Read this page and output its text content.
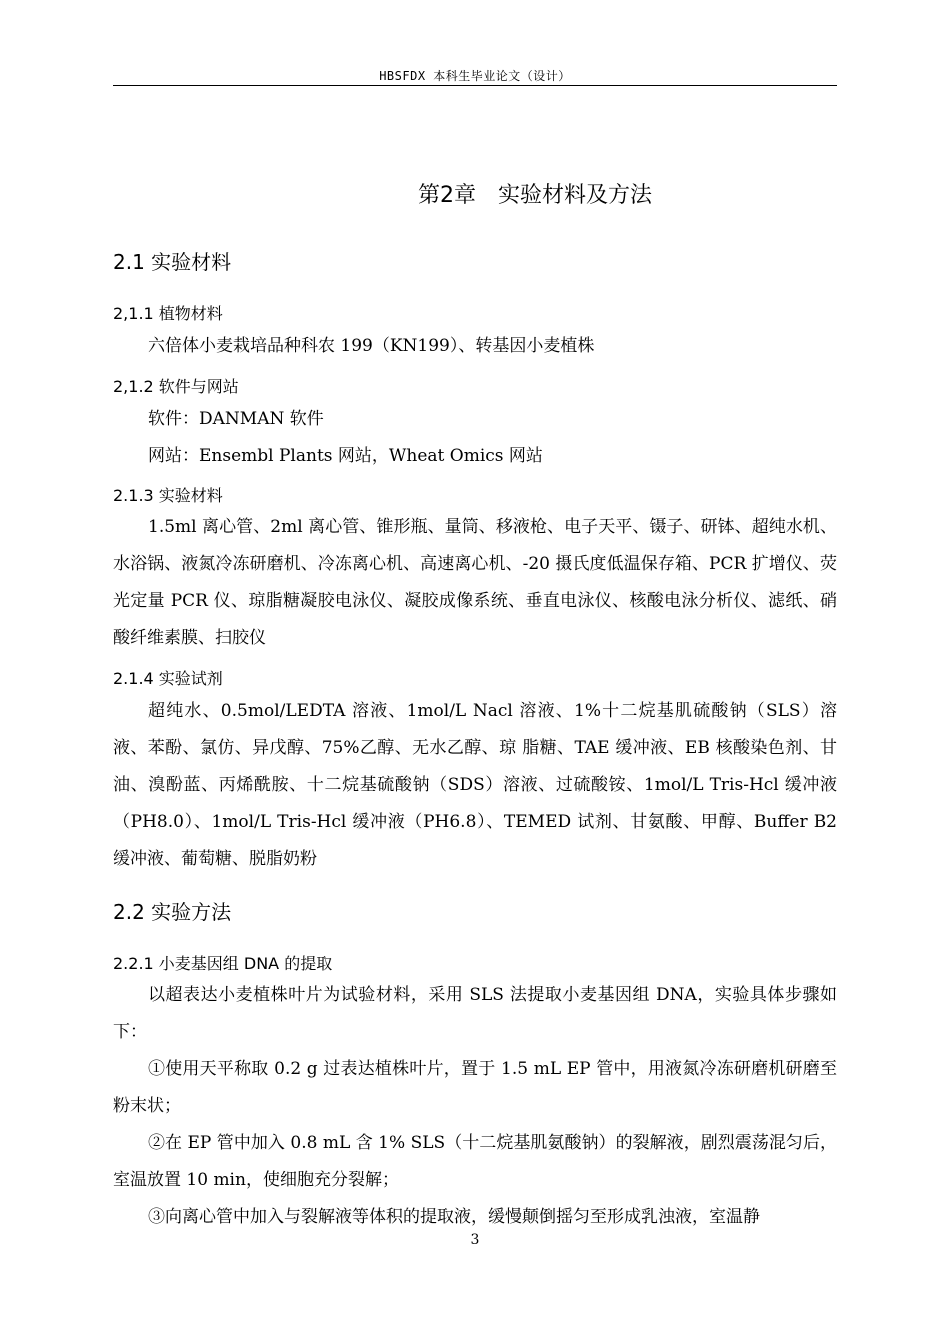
HBSFDX 本科生毕业论文（设计）
第2章　实验材料及方法
2.1 实验材料
2,1.1 植物材料
六倍体小麦栽培品种科农 199（KN199）、转基因小麦植株
2,1.2 软件与网站
软件：DANMAN 软件
网站：Ensembl Plants 网站，Wheat Omics 网站
2.1.3 实验材料
1.5ml 离心管、2ml 离心管、锥形瓶、量筒、移液枪、电子天平、镊子、研钵、超纯水机、水浴锅、液氮冷冻研磨机、冷冻离心机、高速离心机、-20 摄氏度低温保存箱、PCR 扩增仪、荧光定量 PCR 仪、琼脂糖凝胶电泳仪、凝胶成像系统、垂直电泳仪、核酸电泳分析仪、滤纸、硝酸纤维素膜、扫胶仪
2.1.4 实验试剂
超纯水、0.5mol/LEDTA 溶液、1mol/L Nacl 溶液、1%十二烷基肌硫酸钠（SLS）溶液、苯酚、氯仿、异戊醇、75%乙醇、无水乙醇、琼 脂糖、TAE 缓冲液、EB 核酸染色剂、甘油、溴酚蓝、丙烯酰胺、十二烷基硫酸钠（SDS）溶液、过硫酸铵、1mol/L Tris-Hcl 缓冲液（PH8.0）、1mol/L Tris-Hcl 缓冲液（PH6.8）、TEMED 试剂、甘氨酸、甲醇、Buffer B2 缓冲液、葡萄糖、脱脂奶粉
2.2 实验方法
2.2.1 小麦基因组 DNA 的提取
以超表达小麦植株叶片为试验材料，采用 SLS 法提取小麦基因组 DNA，实验具体步骤如下：
①使用天平称取 0.2 g 过表达植株叶片，置于 1.5 mL EP 管中，用液氮冷冻研磨机研磨至粉末状；
②在 EP 管中加入 0.8 mL 含 1% SLS（十二烷基肌氨酸钠）的裂解液，剧烈震荡混匀后，室温放置 10 min，使细胞充分裂解；
③向离心管中加入与裂解液等体积的提取液，缓慢颠倒摇匀至形成乳浊液，室温静
3
